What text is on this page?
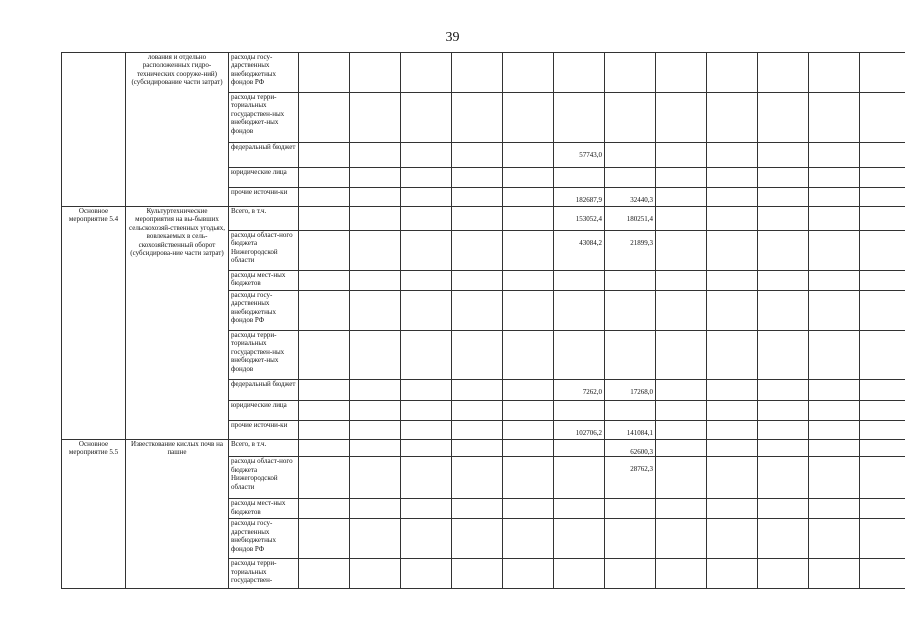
39
	лования и отдельно расположенных гидро-технических сооруже-ний) (субсидирование части затрат)	расходы госу-дарственных внебюджетных фондов РФ												
		расходы терри-ториальных государствен-ных внебюджет-ных фондов												
		федеральный бюджет						57743,0						
		юридические лица												
		прочие источни-ки						182687,9	32440,3					
Основное мероприятие 5.4	Культуртехнические мероприятия на вы-бывших сельскохозяй-ственных угодьях, вовлекаемых в сель-скохозяйственный оборот (субсидирова-ние части затрат)	Всего, в т.ч.						153052,4	180251,4					
		расходы област-ного бюджета Нижегородской области						43084,2	21899,3					
		расходы мест-ных бюджетов												
		расходы госу-дарственных внебюджетных фондов РФ												
		расходы терри-ториальных государствен-ных внебюджет-ных фондов												
		федеральный бюджет						7262,0	17268,0					
		юридические лица												
		прочие источни-ки						102706,2	141084,1					
Основное мероприятие 5.5	Известкование кислых почв на пашне	Всего, в т.ч.							62600,3					
		расходы област-ного бюджета Нижегородской области							28762,3					
		расходы мест-ных бюджетов												
		расходы госу-дарственных внебюджетных фондов РФ												
		расходы терри-ториальных государствен-												
